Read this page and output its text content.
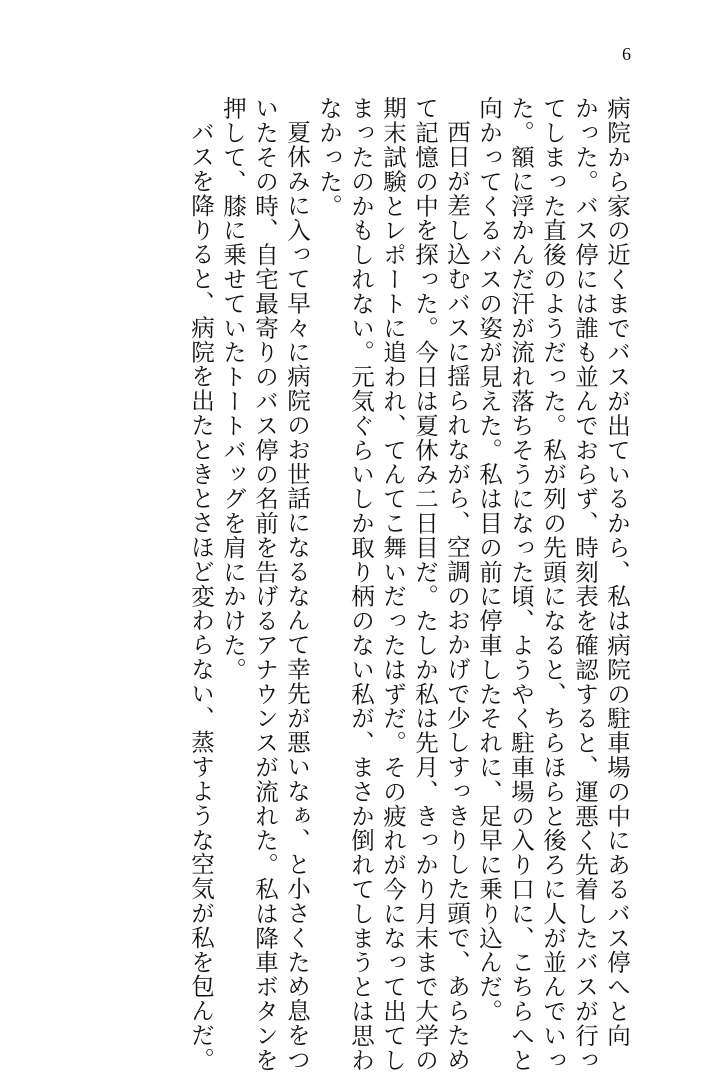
6
病院から家の近くまでバスが出ているから、私は病院の駐車場の中にあるバス停へと向
かった。バス停には誰も並んでおらず、時刻表を確認すると、運悪く先着したバスが行っ
てしまった直後のようだった。私が列の先頭になると、ちらほらと後ろに人が並んでいっ
た。額に浮かんだ汗が流れ落ちそうになった頃、ようやく駐車場の入り口に、こちらへと
向かってくるバスの姿が見えた。私は目の前に停車したそれに、足早に乗り込んだ。
西日が差し込むバスに揺られながら、空調のおかげで少しすっきりした頭で、あらため
て記憶の中を探った。今日は夏休み二日目だ。たしか私は先月、きっかり月末まで大学の
期末試験とレポートに追われ、てんてこ舞いだったはずだ。その疲れが今になって出てし
まったのかもしれない。元気ぐらいしか取り柄のない私が、まさか倒れてしまうとは思わ
なかった。
夏休みに入って早々に病院のお世話になるなんて幸先が悪いなぁ、と小さくため息をつ
いたその時、自宅最寄りのバス停の名前を告げるアナウンスが流れた。私は降車ボタンを
押して、膝に乗せていたトートバッグを肩にかけた。
バスを降りると、病院を出たときとさほど変わらない、蒸すような空気が私を包んだ。
